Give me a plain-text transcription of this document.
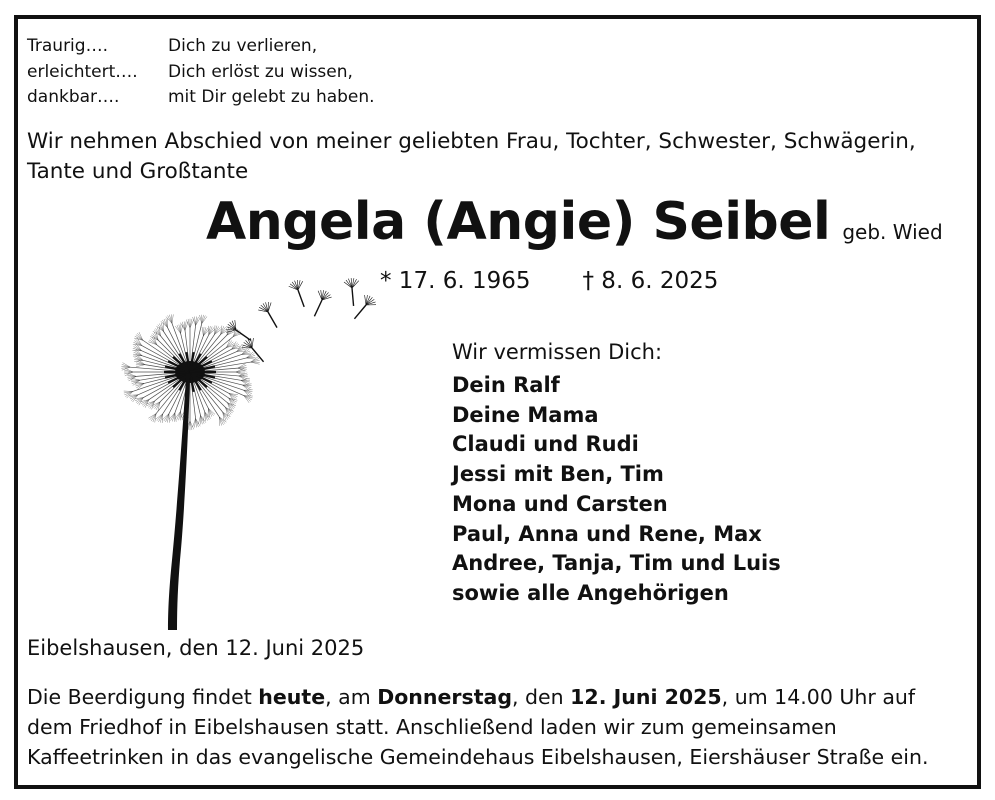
Traurig….	Dich zu verlieren,
erleichtert….	Dich erlöst zu wissen,
dankbar….	mit Dir gelebt zu haben.
Wir nehmen Abschied von meiner geliebten Frau, Tochter, Schwester, Schwägerin,
Tante und Großtante
Angela (Angie) Seibel geb. Wied
* 17. 6. 1965 † 8. 6. 2025
Wir vermissen Dich:
Dein Ralf
Deine Mama
Claudi und Rudi
Jessi mit Ben, Tim
Mona und Carsten
Paul, Anna und Rene, Max
Andree, Tanja, Tim und Luis
sowie alle Angehörigen
Eibelshausen, den 12. Juni 2025
Die Beerdigung findet heute, am Donnerstag, den 12. Juni 2025, um 14.00 Uhr auf
dem Friedhof in Eibelshausen statt. Anschließend laden wir zum gemeinsamen
Kaffeetrinken in das evangelische Gemeindehaus Eibelshausen, Eiershäuser Straße ein.
